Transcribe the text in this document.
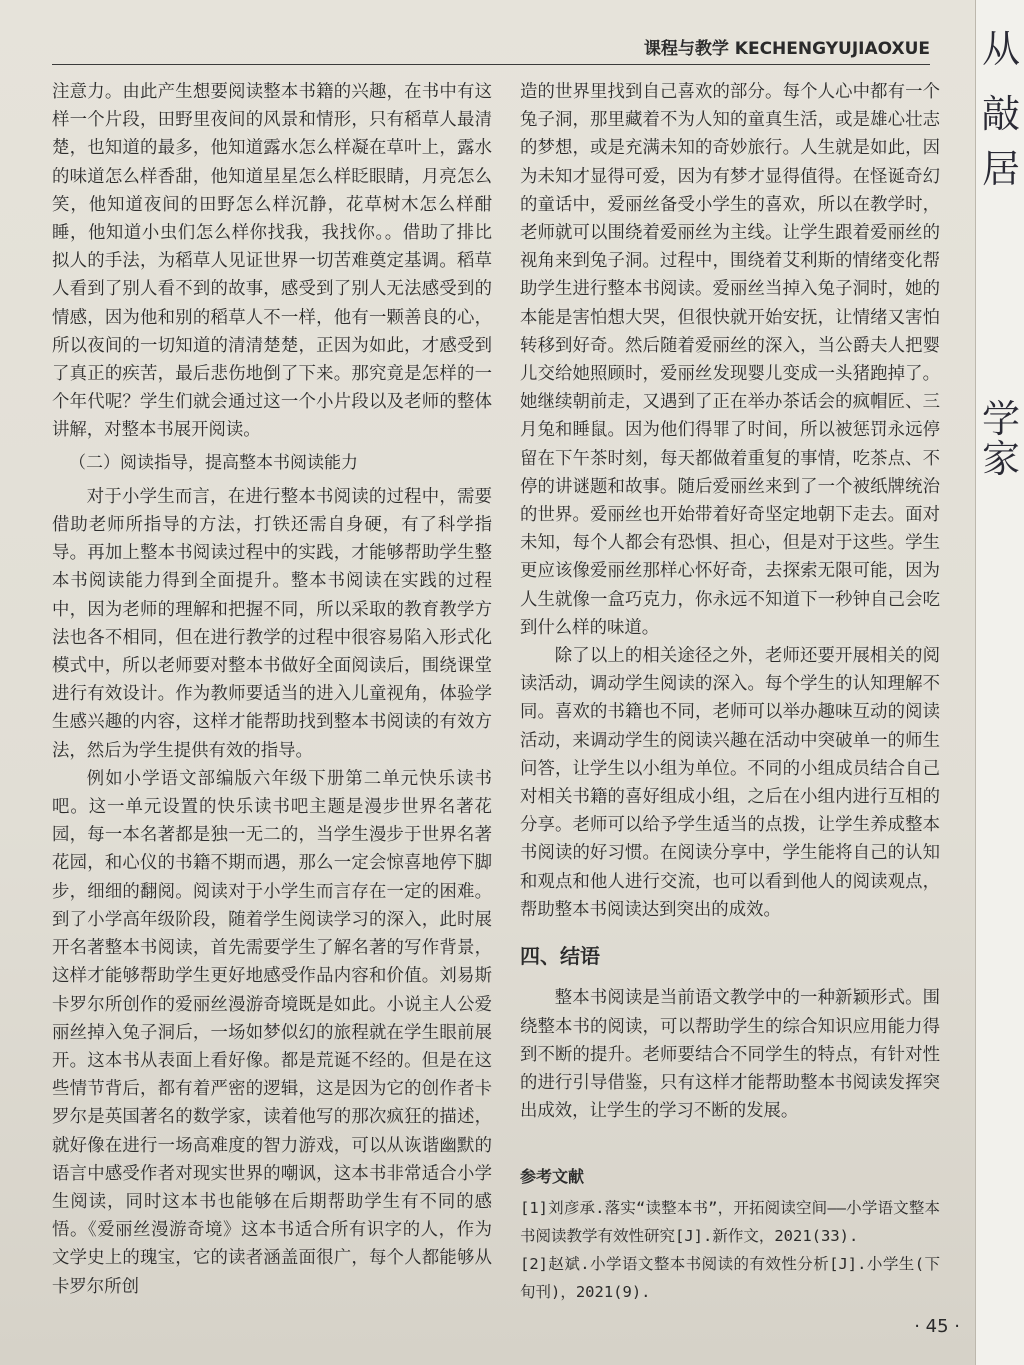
课程与教学 KECHENGYUJIAOXUE

注意力。由此产生想要阅读整本书籍的兴趣，在书中有这样一个片段，田野里夜间的风景和情形，只有稻草人最清楚，也知道的最多，他知道露水怎么样凝在草叶上，露水的味道怎么样香甜，他知道星星怎么样眨眼睛，月亮怎么笑，他知道夜间的田野怎么样沉静，花草树木怎么样酣睡，他知道小虫们怎么样你找我，我找你。。借助了排比拟人的手法，为稻草人见证世界一切苦难奠定基调。稻草人看到了别人看不到的故事，感受到了别人无法感受到的情感，因为他和别的稻草人不一样，他有一颗善良的心，所以夜间的一切知道的清清楚楚，正因为如此，才感受到了真正的疾苦，最后悲伤地倒了下来。那究竟是怎样的一个年代呢？学生们就会通过这一个小片段以及老师的整体讲解，对整本书展开阅读。

（二）阅读指导，提高整本书阅读能力

对于小学生而言，在进行整本书阅读的过程中，需要借助老师所指导的方法，打铁还需自身硬，有了科学指导。再加上整本书阅读过程中的实践，才能够帮助学生整本书阅读能力得到全面提升。整本书阅读在实践的过程中，因为老师的理解和把握不同，所以采取的教育教学方法也各不相同，但在进行教学的过程中很容易陷入形式化模式中，所以老师要对整本书做好全面阅读后，围绕课堂进行有效设计。作为教师要适当的进入儿童视角，体验学生感兴趣的内容，这样才能帮助找到整本书阅读的有效方法，然后为学生提供有效的指导。

例如小学语文部编版六年级下册第二单元快乐读书吧。这一单元设置的快乐读书吧主题是漫步世界名著花园，每一本名著都是独一无二的，当学生漫步于世界名著花园，和心仪的书籍不期而遇，那么一定会惊喜地停下脚步，细细的翻阅。阅读对于小学生而言存在一定的困难。到了小学高年级阶段，随着学生阅读学习的深入，此时展开名著整本书阅读，首先需要学生了解名著的写作背景，这样才能够帮助学生更好地感受作品内容和价值。刘易斯卡罗尔所创作的爱丽丝漫游奇境既是如此。小说主人公爱丽丝掉入兔子洞后，一场如梦似幻的旅程就在学生眼前展开。这本书从表面上看好像。都是荒诞不经的。但是在这些情节背后，都有着严密的逻辑，这是因为它的创作者卡罗尔是英国著名的数学家，读着他写的那次疯狂的描述，就好像在进行一场高难度的智力游戏，可以从诙谐幽默的语言中感受作者对现实世界的嘲讽，这本书非常适合小学生阅读，同时这本书也能够在后期帮助学生有不同的感悟。《爱丽丝漫游奇境》这本书适合所有识字的人，作为文学史上的瑰宝，它的读者涵盖面很广，每个人都能够从卡罗尔所创

造的世界里找到自己喜欢的部分。每个人心中都有一个兔子洞，那里藏着不为人知的童真生活，或是雄心壮志的梦想，或是充满未知的奇妙旅行。人生就是如此，因为未知才显得可爱，因为有梦才显得值得。在怪诞奇幻的童话中，爱丽丝备受小学生的喜欢，所以在教学时，老师就可以围绕着爱丽丝为主线。让学生跟着爱丽丝的视角来到兔子洞。过程中，围绕着艾利斯的情绪变化帮助学生进行整本书阅读。爱丽丝当掉入兔子洞时，她的本能是害怕想大哭，但很快就开始安抚，让情绪又害怕转移到好奇。然后随着爱丽丝的深入，当公爵夫人把婴儿交给她照顾时，爱丽丝发现婴儿变成一头猪跑掉了。她继续朝前走，又遇到了正在举办茶话会的疯帽匠、三月兔和睡鼠。因为他们得罪了时间，所以被惩罚永远停留在下午茶时刻，每天都做着重复的事情，吃茶点、不停的讲谜题和故事。随后爱丽丝来到了一个被纸牌统治的世界。爱丽丝也开始带着好奇坚定地朝下走去。面对未知，每个人都会有恐惧、担心，但是对于这些。学生更应该像爱丽丝那样心怀好奇，去探索无限可能，因为人生就像一盒巧克力，你永远不知道下一秒钟自己会吃到什么样的味道。

除了以上的相关途径之外，老师还要开展相关的阅读活动，调动学生阅读的深入。每个学生的认知理解不同。喜欢的书籍也不同，老师可以举办趣味互动的阅读活动，来调动学生的阅读兴趣在活动中突破单一的师生问答，让学生以小组为单位。不同的小组成员结合自己对相关书籍的喜好组成小组，之后在小组内进行互相的分享。老师可以给予学生适当的点拨，让学生养成整本书阅读的好习惯。在阅读分享中，学生能将自己的认知和观点和他人进行交流，也可以看到他人的阅读观点，帮助整本书阅读达到突出的成效。

四、结语

整本书阅读是当前语文教学中的一种新颖形式。围绕整本书的阅读，可以帮助学生的综合知识应用能力得到不断的提升。老师要结合不同学生的特点，有针对性的进行引导借鉴，只有这样才能帮助整本书阅读发挥突出成效，让学生的学习不断的发展。

参考文献
[1]刘彦承.落实“读整本书”，开拓阅读空间——小学语文整本书阅读教学有效性研究[J].新作文，2021(33).
[2]赵斌.小学语文整本书阅读的有效性分析[J].小学生(下旬刊)，2021(9).
· 45 ·
从
敲
居
学
家
